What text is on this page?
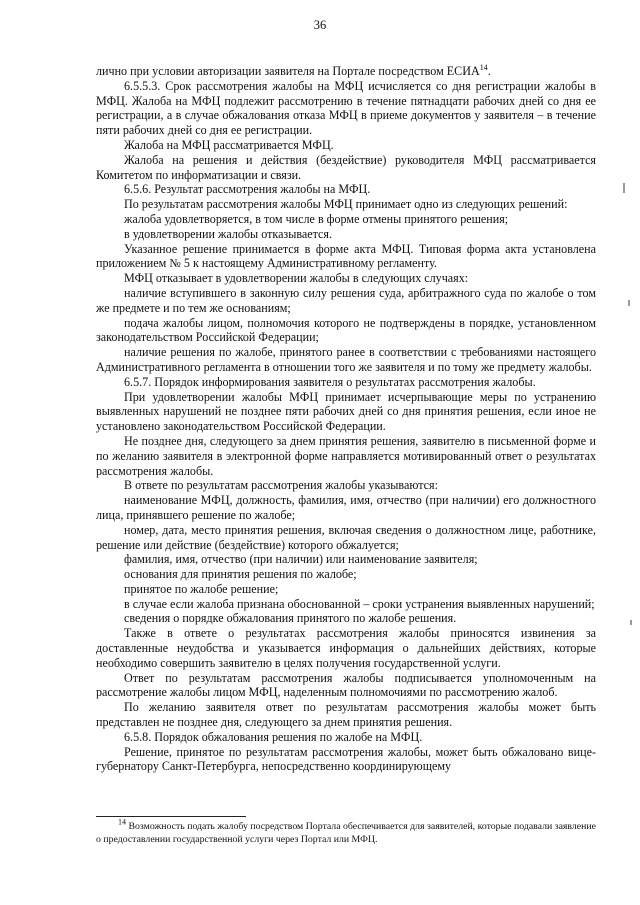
36

лично при условии авторизации заявителя на Портале посредством ЕСИА$^{14}$.

6.5.5.3. Срок рассмотрения жалобы на МФЦ исчисляется со дня регистрации жалобы в МФЦ. Жалоба на МФЦ подлежит рассмотрению в течение пятнадцати рабочих дней со дня ее регистрации, а в случае обжалования отказа МФЦ в приеме документов у заявителя – в течение пяти рабочих дней со дня ее регистрации.

Жалоба на МФЦ рассматривается МФЦ.

Жалоба на решения и действия (бездействие) руководителя МФЦ рассматривается Комитетом по информатизации и связи.

6.5.6. Результат рассмотрения жалобы на МФЦ.

По результатам рассмотрения жалобы МФЦ принимает одно из следующих решений:

жалоба удовлетворяется, в том числе в форме отмены принятого решения;

в удовлетворении жалобы отказывается.

Указанное решение принимается в форме акта МФЦ. Типовая форма акта установлена приложением № 5 к настоящему Административному регламенту.

МФЦ отказывает в удовлетворении жалобы в следующих случаях:

наличие вступившего в законную силу решения суда, арбитражного суда по жалобе о том же предмете и по тем же основаниям;

подача жалобы лицом, полномочия которого не подтверждены в порядке, установленном законодательством Российской Федерации;

наличие решения по жалобе, принятого ранее в соответствии с требованиями настоящего Административного регламента в отношении того же заявителя и по тому же предмету жалобы.

6.5.7. Порядок информирования заявителя о результатах рассмотрения жалобы.

При удовлетворении жалобы МФЦ принимает исчерпывающие меры по устранению выявленных нарушений не позднее пяти рабочих дней со дня принятия решения, если иное не установлено законодательством Российской Федерации.

Не позднее дня, следующего за днем принятия решения, заявителю в письменной форме и по желанию заявителя в электронной форме направляется мотивированный ответ о результатах рассмотрения жалобы.

В ответе по результатам рассмотрения жалобы указываются:

наименование МФЦ, должность, фамилия, имя, отчество (при наличии) его должностного лица, принявшего решение по жалобе;

номер, дата, место принятия решения, включая сведения о должностном лице, работнике, решение или действие (бездействие) которого обжалуется;

фамилия, имя, отчество (при наличии) или наименование заявителя;

основания для принятия решения по жалобе;

принятое по жалобе решение;

в случае если жалоба признана обоснованной – сроки устранения выявленных нарушений;

сведения о порядке обжалования принятого по жалобе решения.

Также в ответе о результатах рассмотрения жалобы приносятся извинения за доставленные неудобства и указывается информация о дальнейших действиях, которые необходимо совершить заявителю в целях получения государственной услуги.

Ответ по результатам рассмотрения жалобы подписывается уполномоченным на рассмотрение жалобы лицом МФЦ, наделенным полномочиями по рассмотрению жалоб.

По желанию заявителя ответ по результатам рассмотрения жалобы может быть представлен не позднее дня, следующего за днем принятия решения.

6.5.8. Порядок обжалования решения по жалобе на МФЦ.

Решение, принятое по результатам рассмотрения жалобы, может быть обжаловано вице-губернатору Санкт-Петербурга, непосредственно координирующему

$^{14}$ Возможность подать жалобу посредством Портала обеспечивается для заявителей, которые подавали заявление о предоставлении государственной услуги через Портал или МФЦ.
